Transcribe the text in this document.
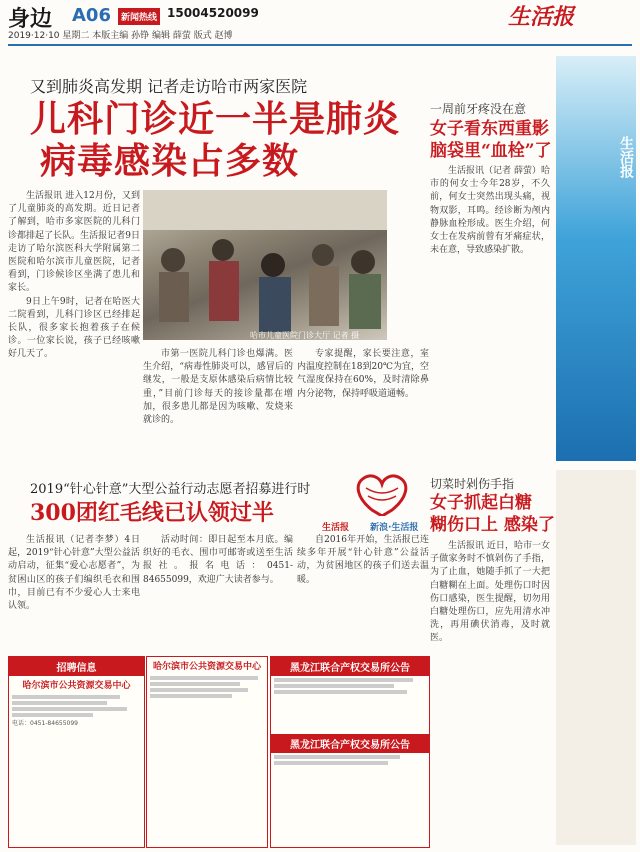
身边 A06	新闻热线 15004520099	生活报
2019·12·10 星期二 本版主编 孙铮 编辑 薛萤 版式 赵博
又到肺炎高发期 记者走访哈市两家医院
儿科门诊近一半是肺炎
病毒感染占多数

生活报讯 进入12月份，又到了儿童肺炎的高发期。近日记者了解到，哈市多家医院的儿科门诊都排起了长队。生活报记者9日走访了哈尔滨医科大学附属第二医院和哈尔滨市儿童医院，记者看到，门诊候诊区坐满了患儿和家长。

9日上午9时，记者在哈医大二院看到，儿科门诊区已经排起长队，很多家长抱着孩子在候诊。一位家长说，孩子已经咳嗽好几天了。

哈市儿童医院门诊大厅 记者 摄

市第一医院儿科门诊也爆满。医生介绍，“病毒性肺炎可以，感冒后的继发，一般是支原体感染后病情比较重，”目前门诊每天的接诊量都在增加，很多患儿都是因为咳嗽、发烧来就诊的。

专家提醒，家长要注意，室内温度控制在18到20℃为宜，空气湿度保持在60%，及时清除鼻内分泌物，保持呼吸道通畅。

一周前牙疼没在意
女子看东西重影
脑袋里“血栓”了

生活报讯（记者 薛萤）哈市的何女士今年28岁，不久前，何女士突然出现头痛，视物双影，耳鸣。经诊断为颅内静脉血栓形成。医生介绍，何女士在发病前曾有牙痛症状，未在意，导致感染扩散。

切菜时剁伤手指
女子抓起白糖
糊伤口上 感染了

生活报讯 近日，哈市一女子做家务时不慎剁伤了手指，为了止血，她随手抓了一大把白糖糊在上面。处理伤口时因伤口感染，医生提醒，切勿用白糖处理伤口，应先用清水冲洗，再用碘伏消毒，及时就医。

生活报
2019“针心针意”大型公益行动志愿者招募进行时
300团红毛线已认领过半
生活报 新浪·生活报

生活报讯（记者李梦）4日起，2019“针心针意”大型公益活动启动，征集“爱心志愿者”，为贫困山区的孩子们编织毛衣和围巾，目前已有不少爱心人士来电认领。

活动时间：即日起至本月底。编织好的毛衣、围巾可邮寄或送至生活报社。报名电话：0451-84655099，欢迎广大读者参与。

自2016年开始，生活报已连续多年开展“针心针意”公益活动，为贫困地区的孩子们送去温暖。

招聘信息
哈尔滨市公共资源交易中心
电话：0451-84655099
哈尔滨市公共资源交易中心	黑龙江联合产权交易所公告
黑龙江联合产权交易所公告
